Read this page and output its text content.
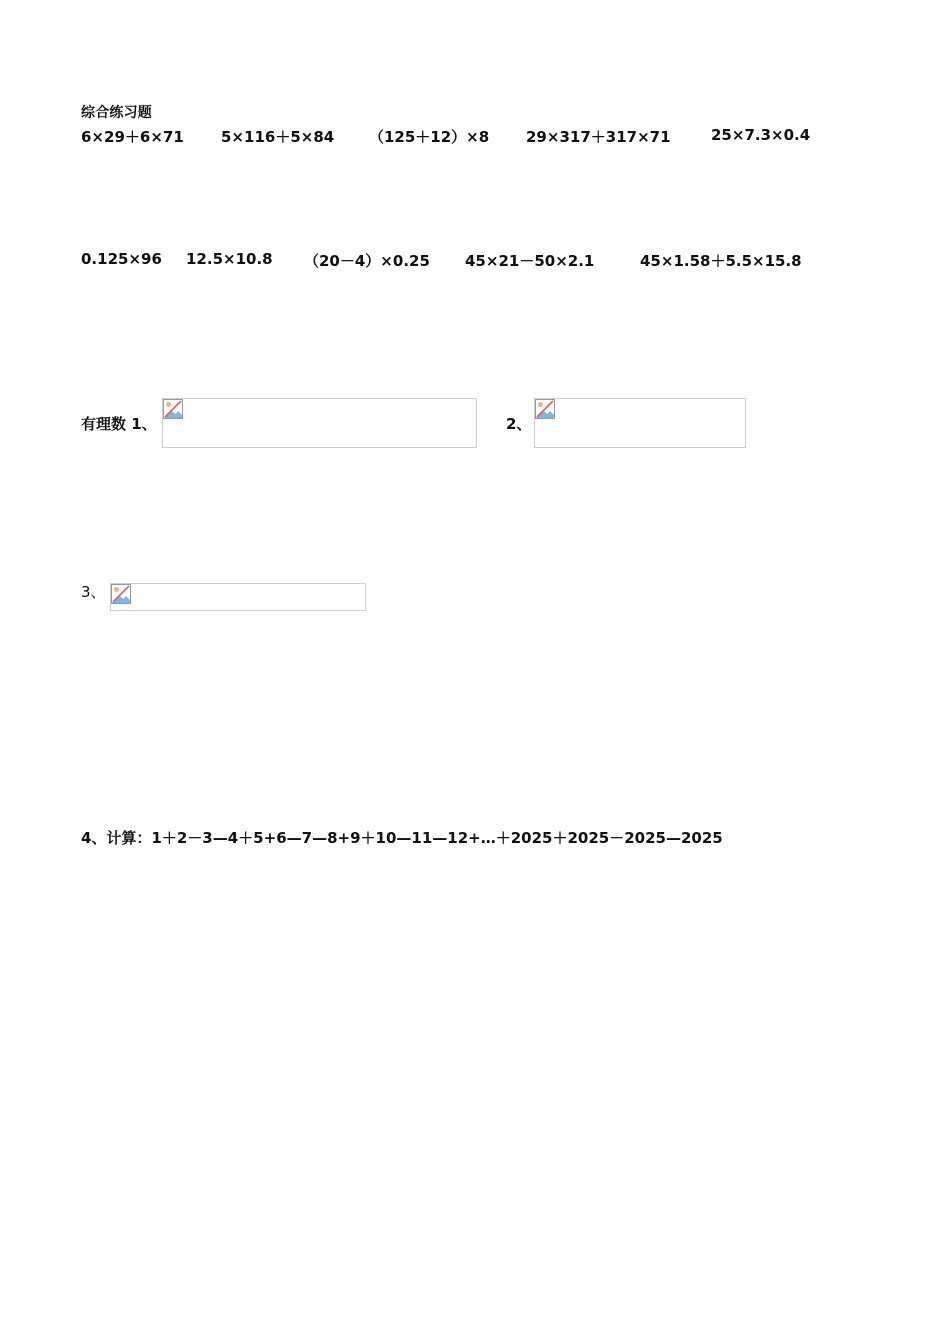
综合练习题
6×29＋6×71 5×116＋5×84 （125＋12）×8 29×317＋317×71	25×7.3×0.4
0.125×96 12.5×10.8 （20－4）×0.25 45×21－50×2.1	45×1.58＋5.5×15.8
有理数 1、	2、
3、
4、计算：1＋2－3—4＋5+6—7—8+9＋10—11—12+…＋2025＋2025－2025—2025
